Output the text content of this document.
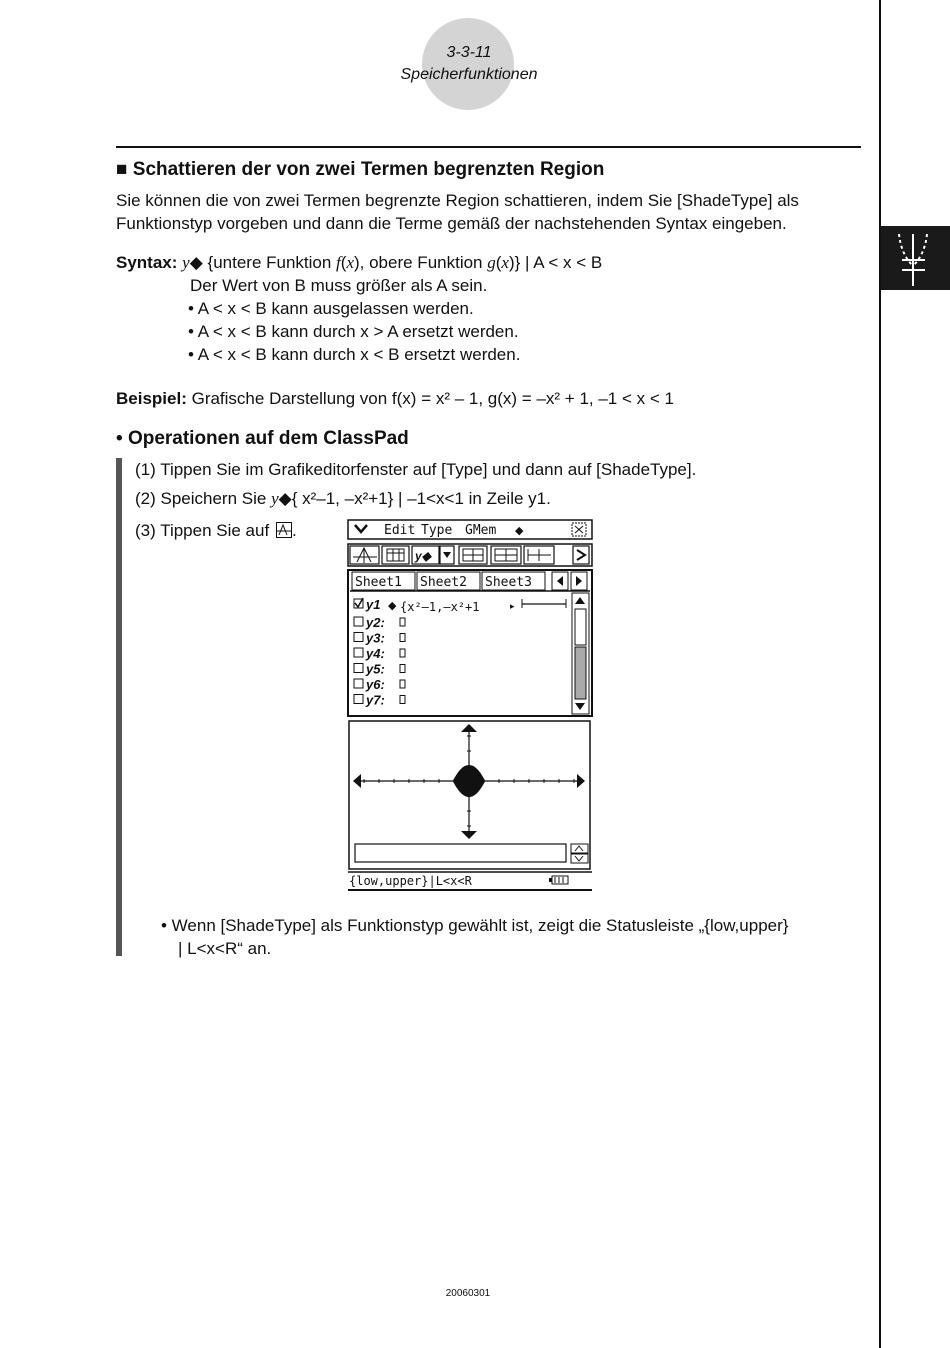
3-3-11
Speicherfunktionen
■ Schattieren der von zwei Termen begrenzten Region
Sie können die von zwei Termen begrenzte Region schattieren, indem Sie [ShadeType] als
Funktionstyp vorgeben und dann die Terme gemäß der nachstehenden Syntax eingeben.
Syntax: y◆ {untere Funktion f(x), obere Funktion g(x)} | A < x < B
Der Wert von B muss größer als A sein.
• A < x < B kann ausgelassen werden.
• A < x < B kann durch x > A ersetzt werden.
• A < x < B kann durch x < B ersetzt werden.
Beispiel: Grafische Darstellung von f(x) = x² – 1, g(x) = –x² + 1, –1 < x < 1
• Operationen auf dem ClassPad
(1) Tippen Sie im Grafikeditorfenster auf [Type] und dann auf [ShadeType].
(2) Speichern Sie y◆{ x²–1, –x²+1} | –1<x<1 in Zeile y1.
(3) Tippen Sie auf .	Edit Type GMem ◆
y◆
Sheet1 Sheet2 Sheet3
y1 ◆ {x²–1,–x²+1	▸
y2:
y3:
y4:
y5:
y6:
y7:
{low,upper}|L<x<R
• Wenn [ShadeType] als Funktionstyp gewählt ist, zeigt die Statusleiste „{low,upper}
| L<x<R“ an.
20060301
